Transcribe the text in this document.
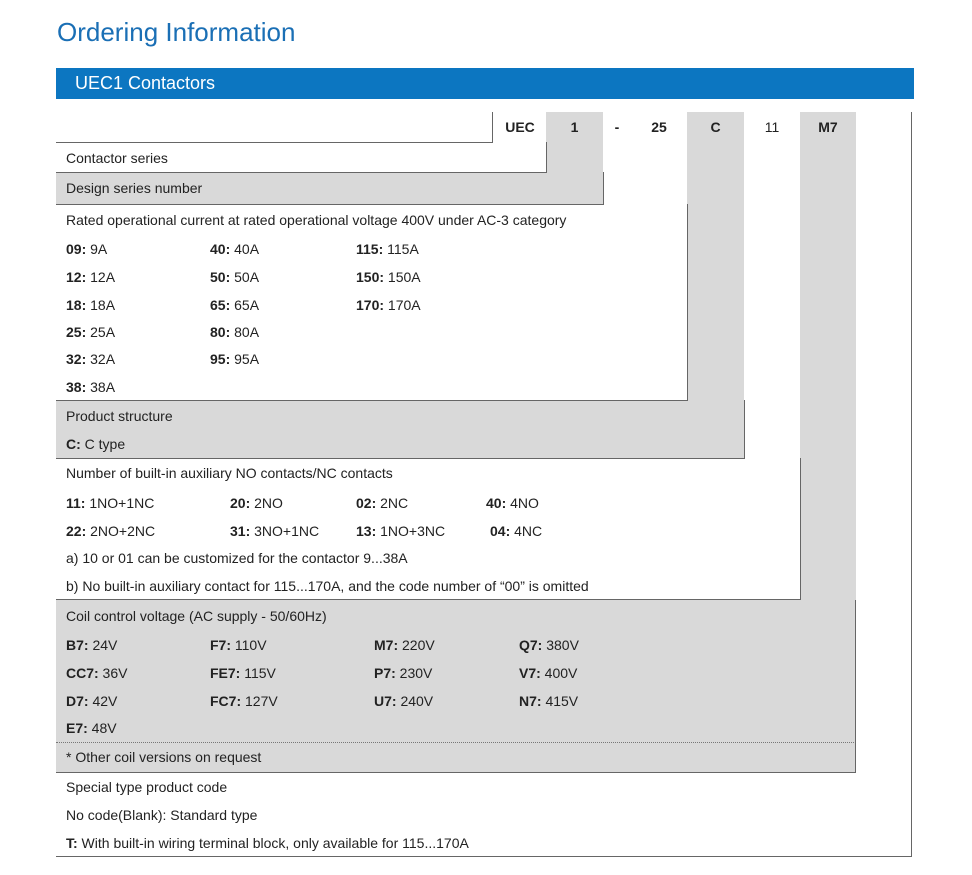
Ordering Information
UEC1 Contactors
UEC	1	-	25	C	11	M7
Contactor series
Design series number
Rated operational current at rated operational voltage 400V under AC-3 category
09: 9A	40: 40A	115: 115A
12: 12A	50: 50A	150: 150A
18: 18A	65: 65A	170: 170A
25: 25A	80: 80A
32: 32A	95: 95A
38: 38A
Product structure
C: C type
Number of built-in auxiliary NO contacts/NC contacts
11: 1NO+1NC	20: 2NO	02: 2NC	40: 4NO
22: 2NO+2NC	31: 3NO+1NC	13: 1NO+3NC	04: 4NC
a) 10 or 01 can be customized for the contactor 9...38A
b) No built-in auxiliary contact for 115...170A, and the code number of “00” is omitted
Coil control voltage (AC supply - 50/60Hz)
B7: 24V	F7: 110V	M7: 220V	Q7: 380V
CC7: 36V	FE7: 115V	P7: 230V	V7: 400V
D7: 42V	FC7: 127V	U7: 240V	N7: 415V
E7: 48V
* Other coil versions on request
Special type product code
No code(Blank): Standard type
T: With built-in wiring terminal block, only available for 115...170A
